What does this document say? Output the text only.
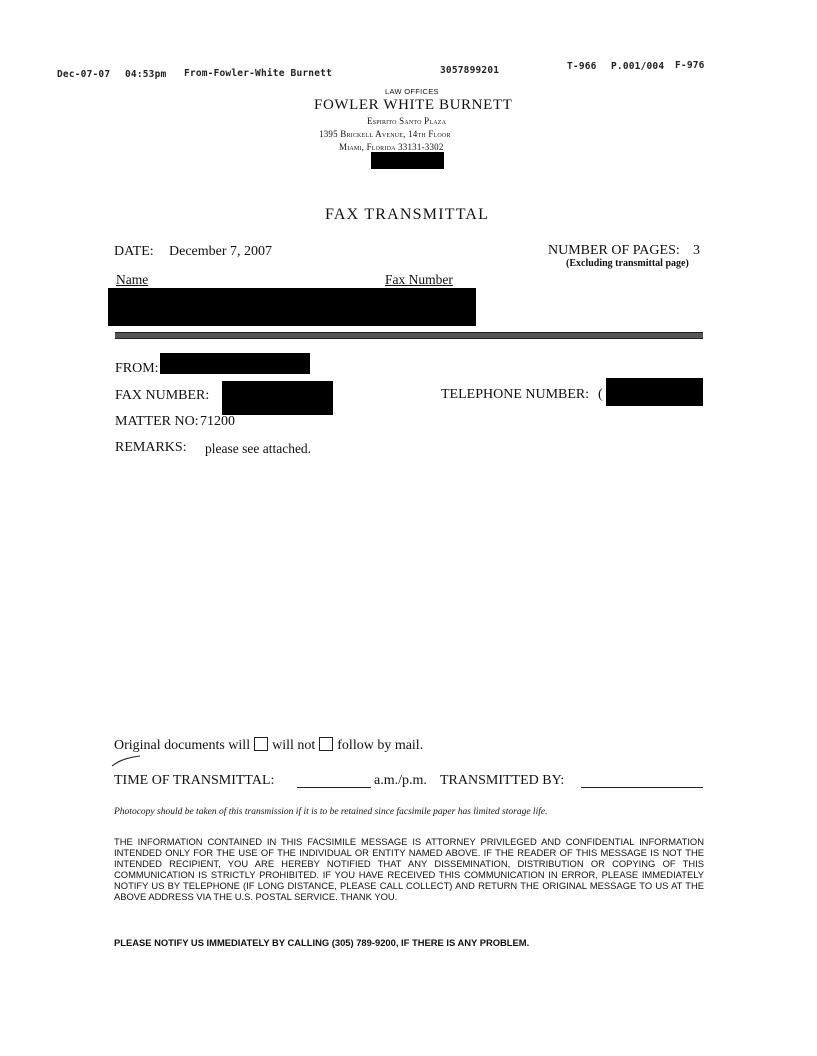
Dec-07-07 04:53pm From-Fowler-White Burnett	3057899201	T-966 P.001/004 F-976
LAW OFFICES
FOWLER WHITE BURNETT
Espirito Santo Plaza
1395 Brickell Avenue, 14th Floor
Miami, Florida 33131-3302
FAX TRANSMITTAL
DATE: December 7, 2007	NUMBER OF PAGES: 3
(Excluding transmittal page)
Name	Fax Number
FROM:
FAX NUMBER:	TELEPHONE NUMBER: (
MATTER NO: 71200
REMARKS: please see attached.
Original documents will will not follow by mail.
TIME OF TRANSMITTAL:	a.m./p.m. TRANSMITTED BY:
Photocopy should be taken of this transmission if it is to be retained since facsimile paper has limited storage life.
THE INFORMATION CONTAINED IN THIS FACSIMILE MESSAGE IS ATTORNEY PRIVILEGED AND CONFIDENTIAL INFORMATION INTENDED ONLY FOR THE USE OF THE INDIVIDUAL OR ENTITY NAMED ABOVE. IF THE READER OF THIS MESSAGE IS NOT THE INTENDED RECIPIENT, YOU ARE HEREBY NOTIFIED THAT ANY DISSEMINATION, DISTRIBUTION OR COPYING OF THIS COMMUNICATION IS STRICTLY PROHIBITED. IF YOU HAVE RECEIVED THIS COMMUNICATION IN ERROR, PLEASE IMMEDIATELY NOTIFY US BY TELEPHONE (IF LONG DISTANCE, PLEASE CALL COLLECT) AND RETURN THE ORIGINAL MESSAGE TO US AT THE ABOVE ADDRESS VIA THE U.S. POSTAL SERVICE. THANK YOU.
PLEASE NOTIFY US IMMEDIATELY BY CALLING (305) 789-9200, IF THERE IS ANY PROBLEM.
